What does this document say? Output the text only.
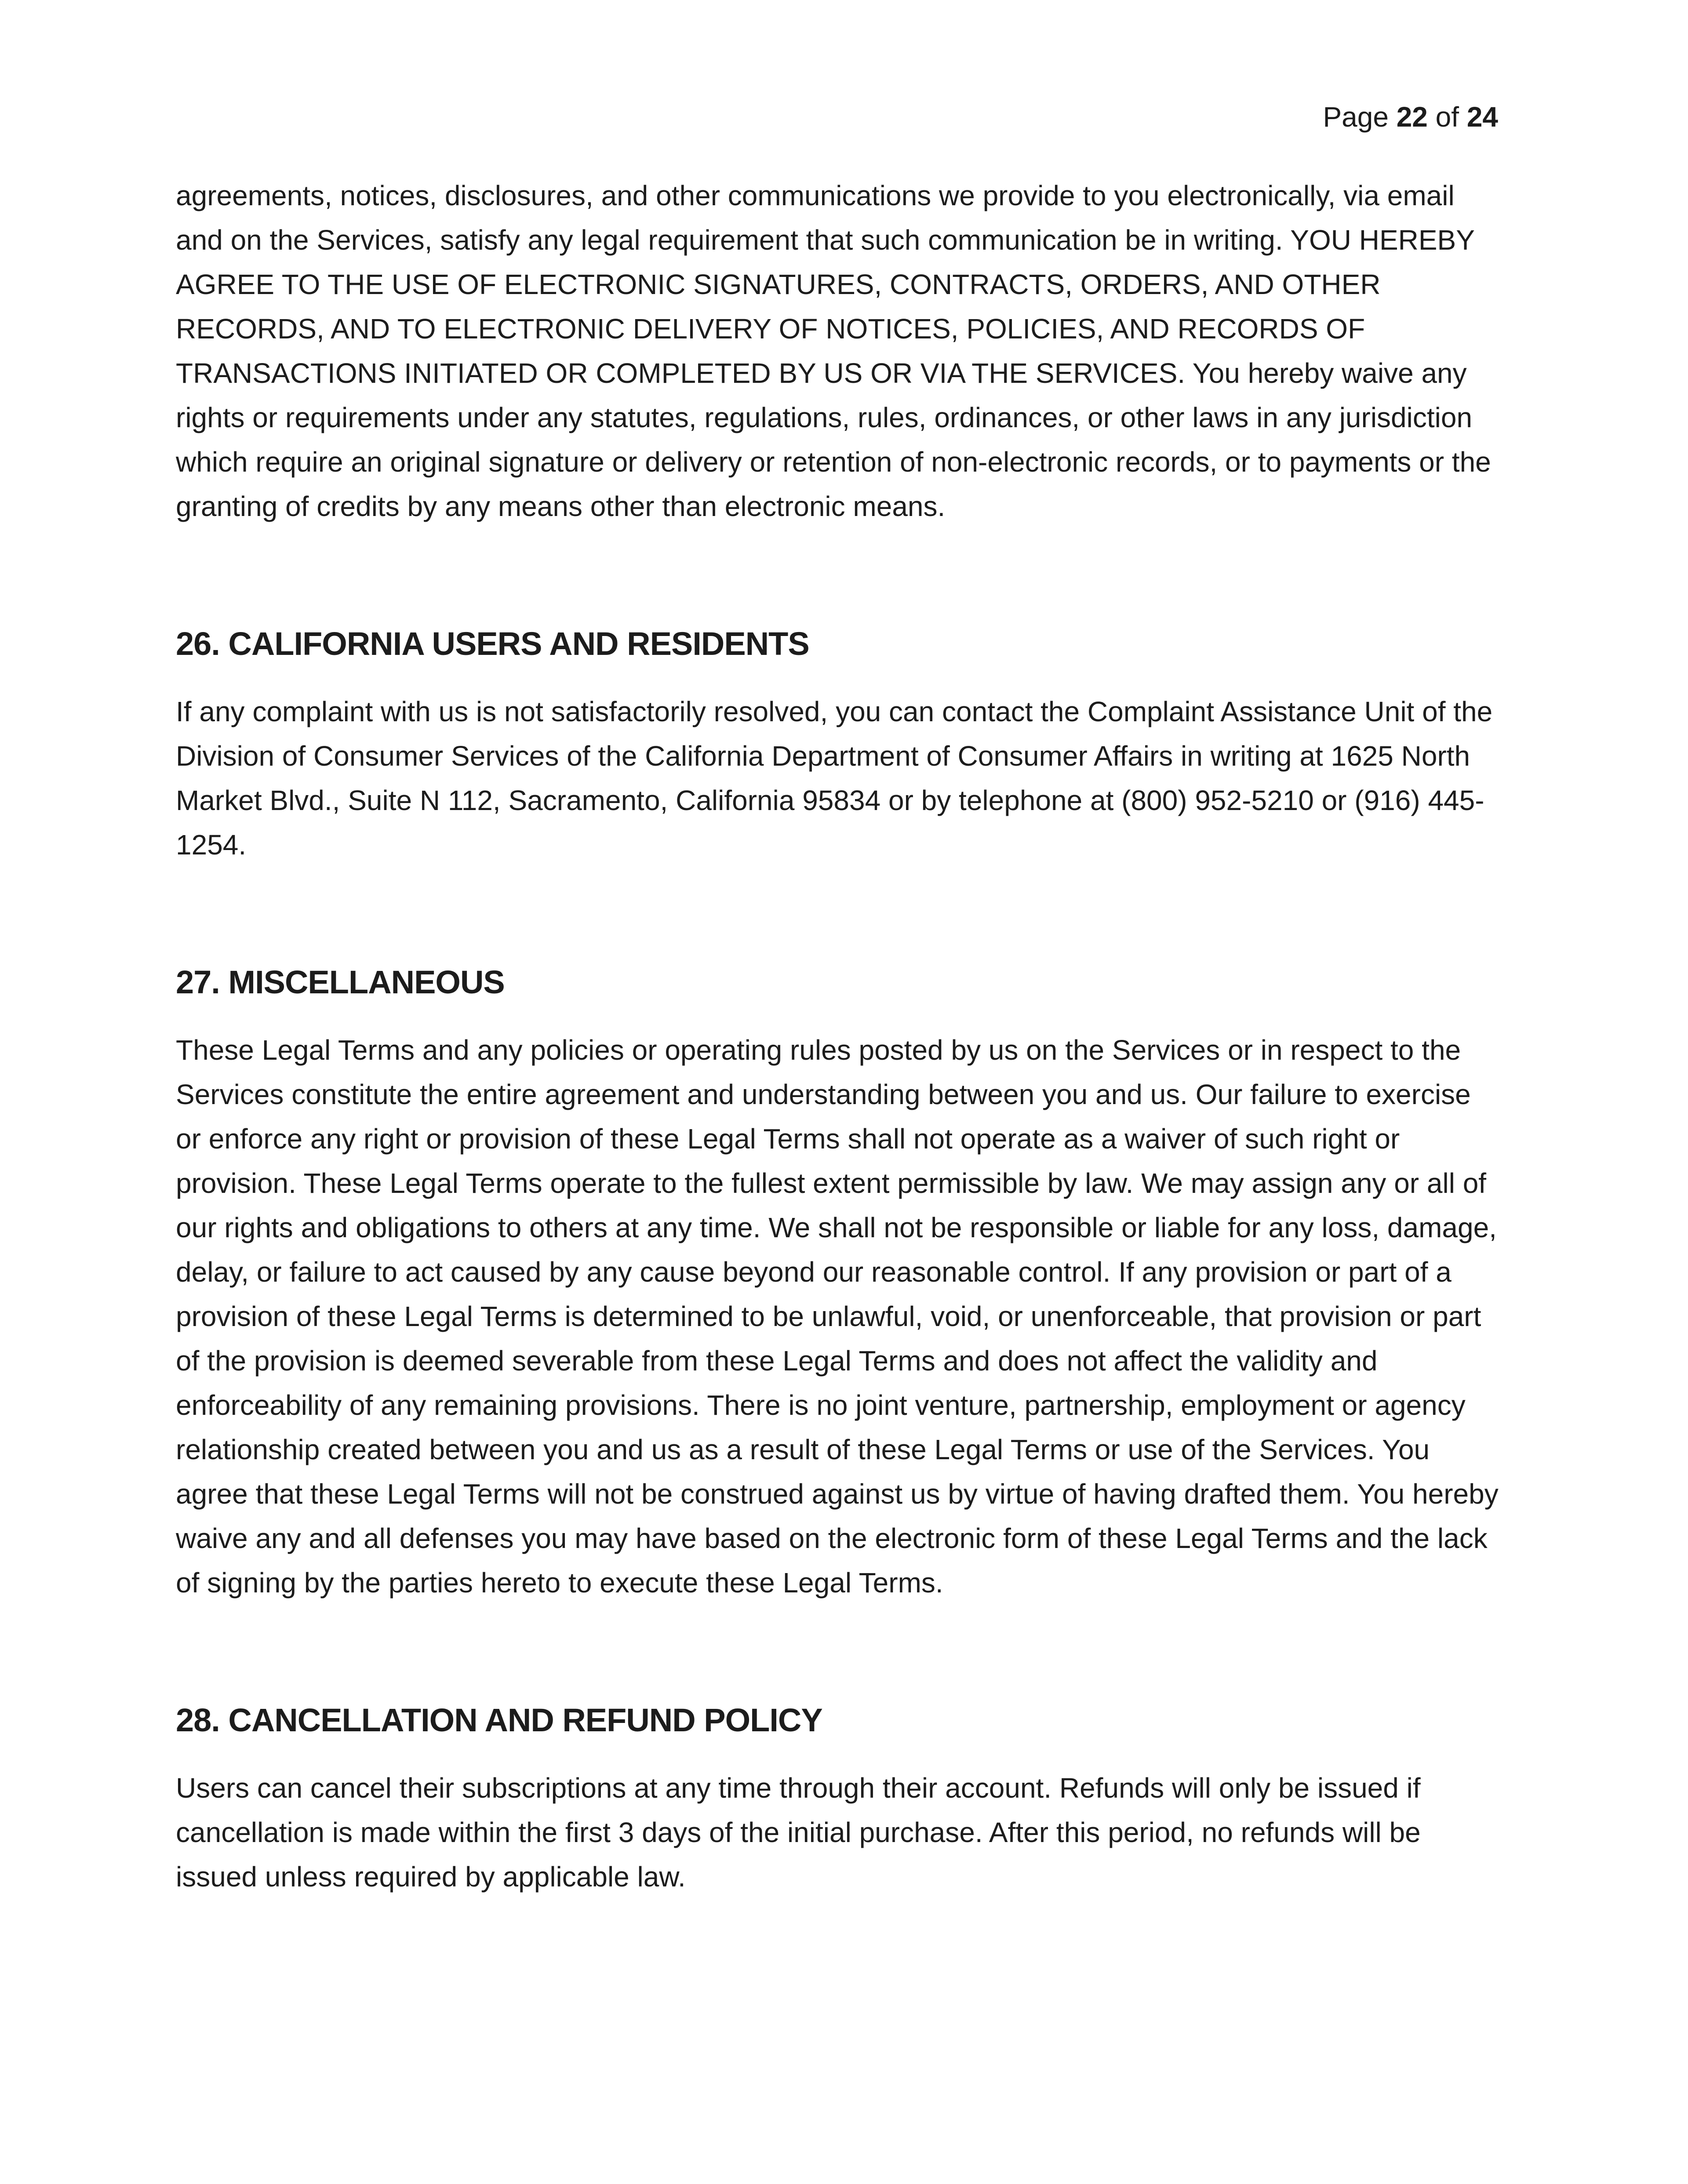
Page 22 of 24

agreements, notices, disclosures, and other communications we provide to you electronically, via email and on the Services, satisfy any legal requirement that such communication be in writing. YOU HEREBY AGREE TO THE USE OF ELECTRONIC SIGNATURES, CONTRACTS, ORDERS, AND OTHER RECORDS, AND TO ELECTRONIC DELIVERY OF NOTICES, POLICIES, AND RECORDS OF TRANSACTIONS INITIATED OR COMPLETED BY US OR VIA THE SERVICES. You hereby waive any rights or requirements under any statutes, regulations, rules, ordinances, or other laws in any jurisdiction which require an original signature or delivery or retention of non-electronic records, or to payments or the granting of credits by any means other than electronic means.

26. CALIFORNIA USERS AND RESIDENTS

If any complaint with us is not satisfactorily resolved, you can contact the Complaint Assistance Unit of the Division of Consumer Services of the California Department of Consumer Affairs in writing at 1625 North Market Blvd., Suite N 112, Sacramento, California 95834 or by telephone at (800) 952-5210 or (916) 445-1254.

27. MISCELLANEOUS

These Legal Terms and any policies or operating rules posted by us on the Services or in respect to the Services constitute the entire agreement and understanding between you and us. Our failure to exercise or enforce any right or provision of these Legal Terms shall not operate as a waiver of such right or provision. These Legal Terms operate to the fullest extent permissible by law. We may assign any or all of our rights and obligations to others at any time. We shall not be responsible or liable for any loss, damage, delay, or failure to act caused by any cause beyond our reasonable control. If any provision or part of a provision of these Legal Terms is determined to be unlawful, void, or unenforceable, that provision or part of the provision is deemed severable from these Legal Terms and does not affect the validity and enforceability of any remaining provisions. There is no joint venture, partnership, employment or agency relationship created between you and us as a result of these Legal Terms or use of the Services. You agree that these Legal Terms will not be construed against us by virtue of having drafted them. You hereby waive any and all defenses you may have based on the electronic form of these Legal Terms and the lack of signing by the parties hereto to execute these Legal Terms.

28. CANCELLATION AND REFUND POLICY

Users can cancel their subscriptions at any time through their account. Refunds will only be issued if cancellation is made within the first 3 days of the initial purchase. After this period, no refunds will be issued unless required by applicable law.
